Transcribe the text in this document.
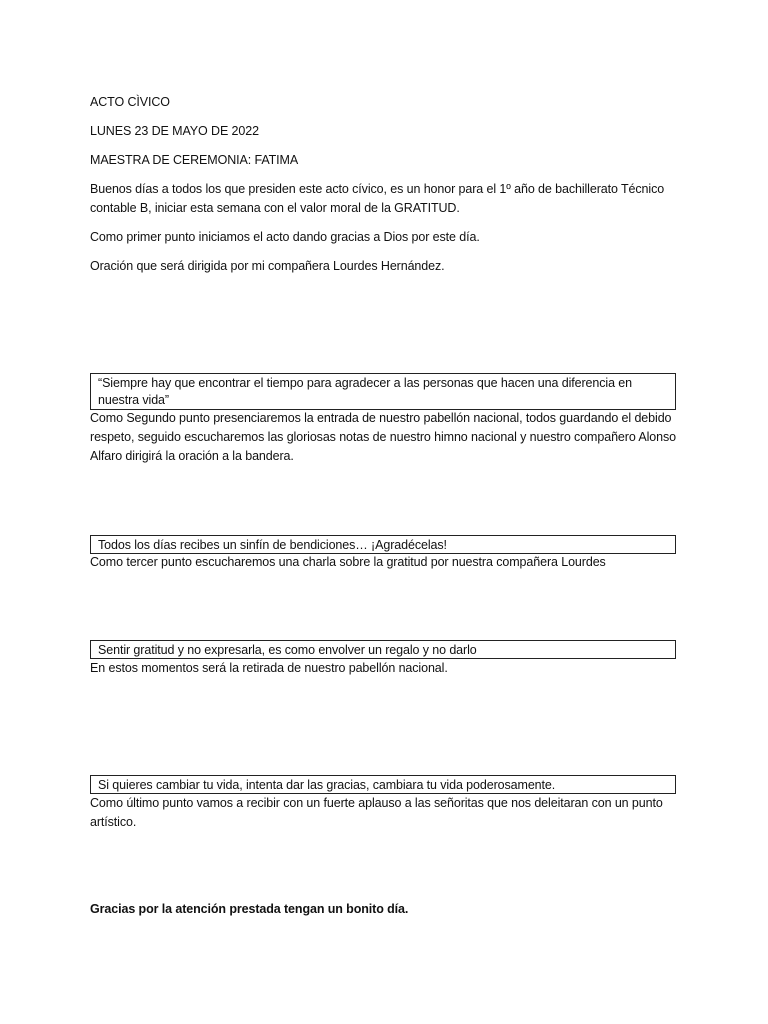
ACTO CÌVICO
LUNES 23 DE MAYO DE 2022
MAESTRA DE CEREMONIA: FATIMA
Buenos días a todos los que presiden este acto cívico, es un honor para el 1º año de bachillerato Técnico contable B, iniciar esta semana con el valor moral de la GRATITUD.
Como primer punto iniciamos el acto dando gracias a Dios por este día.
Oración que será dirigida por mi compañera Lourdes Hernández.
“Siempre hay que encontrar el tiempo para agradecer a las personas que hacen una diferencia en nuestra vida”
Como Segundo punto presenciaremos la entrada de nuestro pabellón nacional, todos guardando el debido respeto, seguido escucharemos las gloriosas notas de nuestro himno nacional y nuestro compañero Alonso Alfaro dirigirá la oración a la bandera.
Todos los días recibes un sinfín de bendiciones… ¡Agradécelas!
Como tercer punto escucharemos una charla sobre la gratitud por nuestra compañera Lourdes
Sentir gratitud y no expresarla, es como envolver un regalo y no darlo
En estos momentos será la retirada de nuestro pabellón nacional.
Si quieres cambiar tu vida, intenta dar las gracias, cambiara tu vida poderosamente.
Como último punto vamos a recibir con un fuerte aplauso a las señoritas que nos deleitaran con un punto artístico.
Gracias por la atención prestada tengan un bonito día.
